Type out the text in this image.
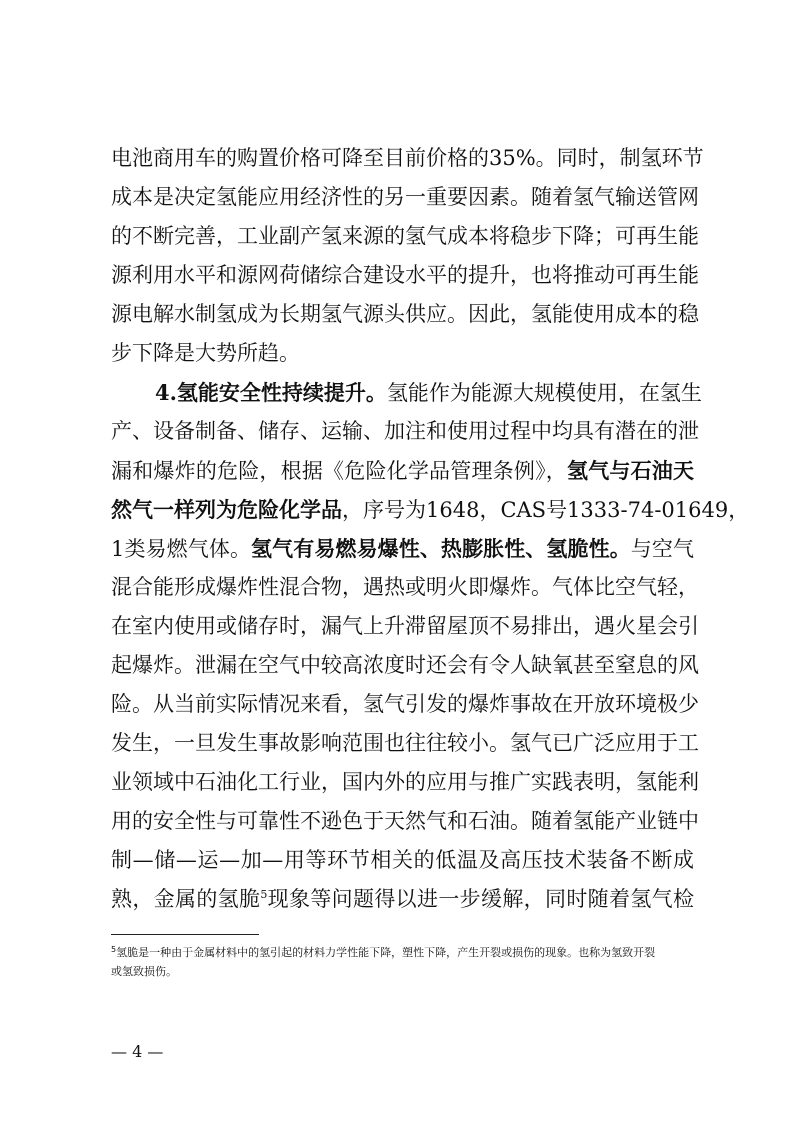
电池商用车的购置价格可降至目前价格的35%。同时，制氢环节
成本是决定氢能应用经济性的另一重要因素。随着氢气输送管网
的不断完善，工业副产氢来源的氢气成本将稳步下降；可再生能
源利用水平和源网荷储综合建设水平的提升，也将推动可再生能
源电解水制氢成为长期氢气源头供应。因此，氢能使用成本的稳
步下降是大势所趋。
4.氢能安全性持续提升。氢能作为能源大规模使用，在氢生
产、设备制备、储存、运输、加注和使用过程中均具有潜在的泄
漏和爆炸的危险，根据《危险化学品管理条例》，氢气与石油天
然气一样列为危险化学品，序号为1648，CAS号1333-74-01649，
1类易燃气体。氢气有易燃易爆性、热膨胀性、氢脆性。与空气
混合能形成爆炸性混合物，遇热或明火即爆炸。气体比空气轻，
在室内使用或储存时，漏气上升滞留屋顶不易排出，遇火星会引
起爆炸。泄漏在空气中较高浓度时还会有令人缺氧甚至窒息的风
险。从当前实际情况来看，氢气引发的爆炸事故在开放环境极少
发生，一旦发生事故影响范围也往往较小。氢气已广泛应用于工
业领域中石油化工行业，国内外的应用与推广实践表明，氢能利
用的安全性与可靠性不逊色于天然气和石油。随着氢能产业链中
制—储—运—加—用等环节相关的低温及高压技术装备不断成
熟，金属的氢脆$^5$现象等问题得以进一步缓解，同时随着氢气检
$^5$氢脆是一种由于金属材料中的氢引起的材料力学性能下降，塑性下降，产生开裂或损伤的现象。也称为氢致开裂
或氢致损伤。
— 4 —
